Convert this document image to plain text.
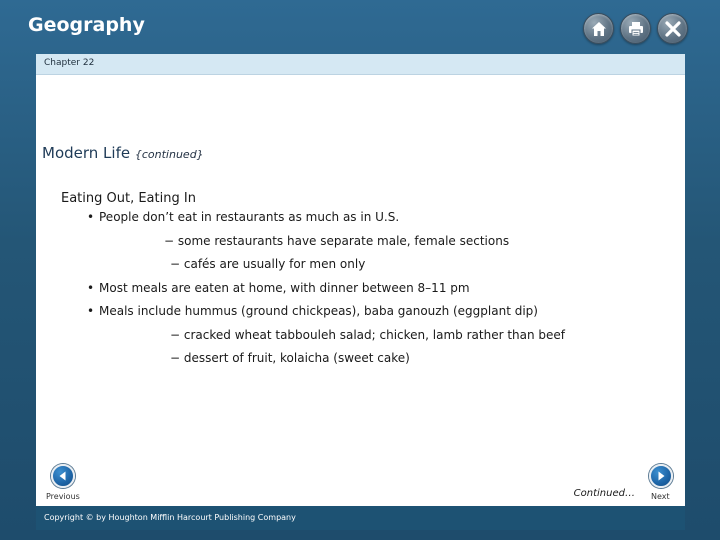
Geography
Chapter 22
Modern Life {continued}
Eating Out, Eating In
• People don’t eat in restaurants as much as in U.S.
− some restaurants have separate male, female sections
− cafés are usually for men only
• Most meals are eaten at home, with dinner between 8–11 pm
• Meals include hummus (ground chickpeas), baba ganouzh (eggplant dip)
− cracked wheat tabbouleh salad; chicken, lamb rather than beef
− dessert of fruit, kolaicha (sweet cake)
Previous	Continued… Next
Copyright © by Houghton Mifflin Harcourt Publishing Company
